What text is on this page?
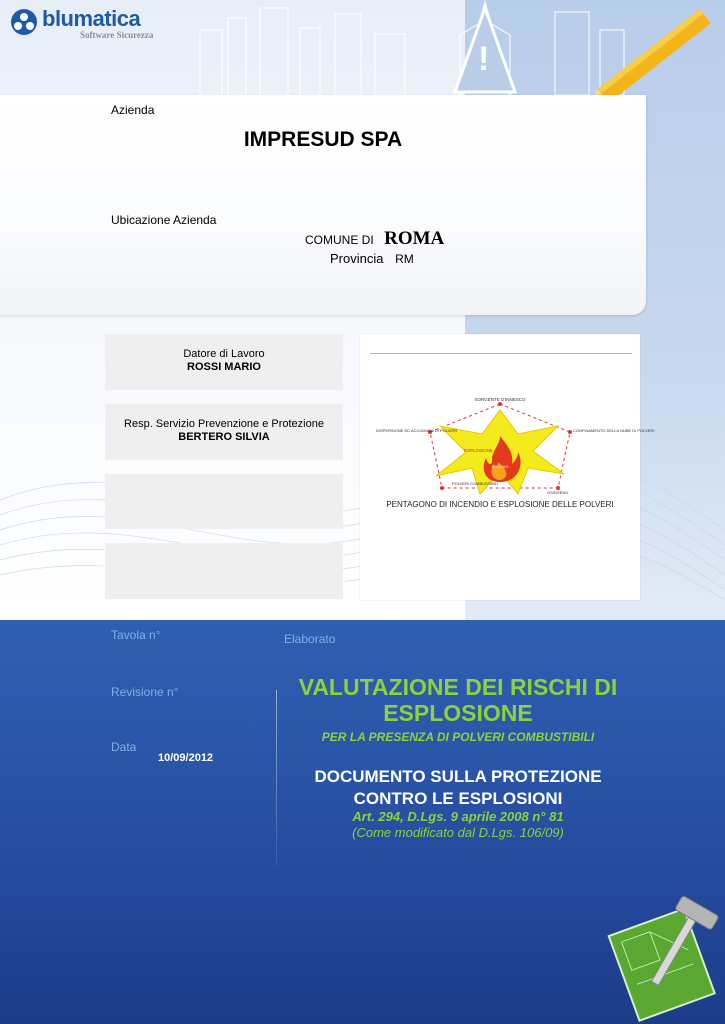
!
blumatica
Software Sicurezza
Azienda
IMPRESUD SPA
Ubicazione Azienda
COMUNE DI ROMA
Provincia RM
Datore di Lavoro
ROSSI MARIO
Resp. Servizio Prevenzione e Protezione
BERTERO SILVIA
SORGENTE D'INNESCO
DISPERSIONE ED ACCUMULO DI POLVERI	CONFINAMENTO DELLA NUBE DI POLVERI
POLVERI COMBUSTIBILI
OSSIGENO
ESPLOSIONE
RISCHIO
PENTAGONO DI INCENDIO E ESPLOSIONE DELLE POLVERI
Tavola n°	Elaborato
Revisione n°
Data
10/09/2012
VALUTAZIONE DEI RISCHI DI ESPLOSIONE
PER LA PRESENZA DI POLVERI COMBUSTIBILI
DOCUMENTO SULLA PROTEZIONE CONTRO LE ESPLOSIONI
Art. 294, D.Lgs. 9 aprile 2008 n° 81
(Come modificato dal D.Lgs. 106/09)
